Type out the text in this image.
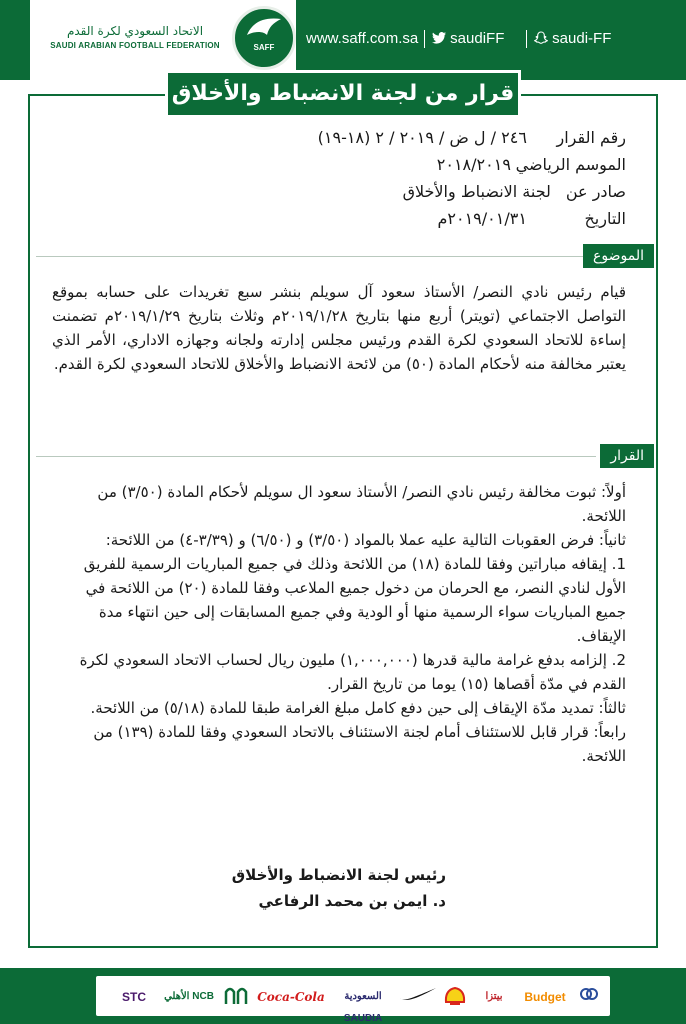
الاتحاد السعودي لكرة القدم
SAUDI ARABIAN FOOTBALL FEDERATION	SAFF
www.saff.com.sa	saudiFF	saudi-FF
قرار من لجنة الانضباط والأخلاق
رقم القرار ٢٤٦ / ل ض / ٢٠١٩ / ٢ (١٨-١٩)
الموسم الرياضي ٢٠١٨/٢٠١٩
صادر عن لجنة الانضباط والأخلاق
التاريخ ٢٠١٩/٠١/٣١م
الموضوع
قيام رئيس نادي النصر/ الأستاذ سعود آل سويلم بنشر سبع تغريدات على حسابه بموقع التواصل الاجتماعي (تويتر) أربع منها بتاريخ ٢٠١٩/١/٢٨م وثلاث بتاريخ ٢٠١٩/١/٢٩م تضمنت إساءة للاتحاد السعودي لكرة القدم ورئيس مجلس إدارته ولجانه وجهازه الاداري، الأمر الذي يعتبر مخالفة منه لأحكام المادة (٥٠) من لائحة الانضباط والأخلاق للاتحاد السعودي لكرة القدم.
القرار

أولاً: ثبوت مخالفة رئيس نادي النصر/ الأستاذ سعود ال سويلم لأحكام المادة (٣/٥٠) من اللائحة.

ثانياً: فرض العقوبات التالية عليه عملا بالمواد (٣/٥٠) و (٦/٥٠) و (٣/٣٩-٤) من اللائحة:

1. إيقافه مباراتين وفقا للمادة (١٨) من اللائحة وذلك في جميع المباريات الرسمية للفريق الأول لنادي النصر، مع الحرمان من دخول جميع الملاعب وفقا للمادة (٢٠) من اللائحة في جميع المباريات سواء الرسمية منها أو الودية وفي جميع المسابقات إلى حين انتهاء مدة الإيقاف.

2. إلزامه بدفع غرامة مالية قدرها (١,٠٠٠,٠٠٠) مليون ريال لحساب الاتحاد السعودي لكرة القدم في مدّة أقصاها (١٥) يوما من تاريخ القرار.

ثالثاً: تمديد مدّة الإيقاف إلى حين دفع كامل مبلغ الغرامة طبقا للمادة (٥/١٨) من اللائحة.

رابعاً: قرار قابل للاستئناف أمام لجنة الاستئناف بالاتحاد السعودي وفقا للمادة (١٣٩) من اللائحة.

رئيس لجنة الانضباط والأخلاق
د. ايمن بن محمد الرفاعي
STC	الأهلي NCB	Coca-Cola	السعودية SAUDIA
بيتزا	Budget
